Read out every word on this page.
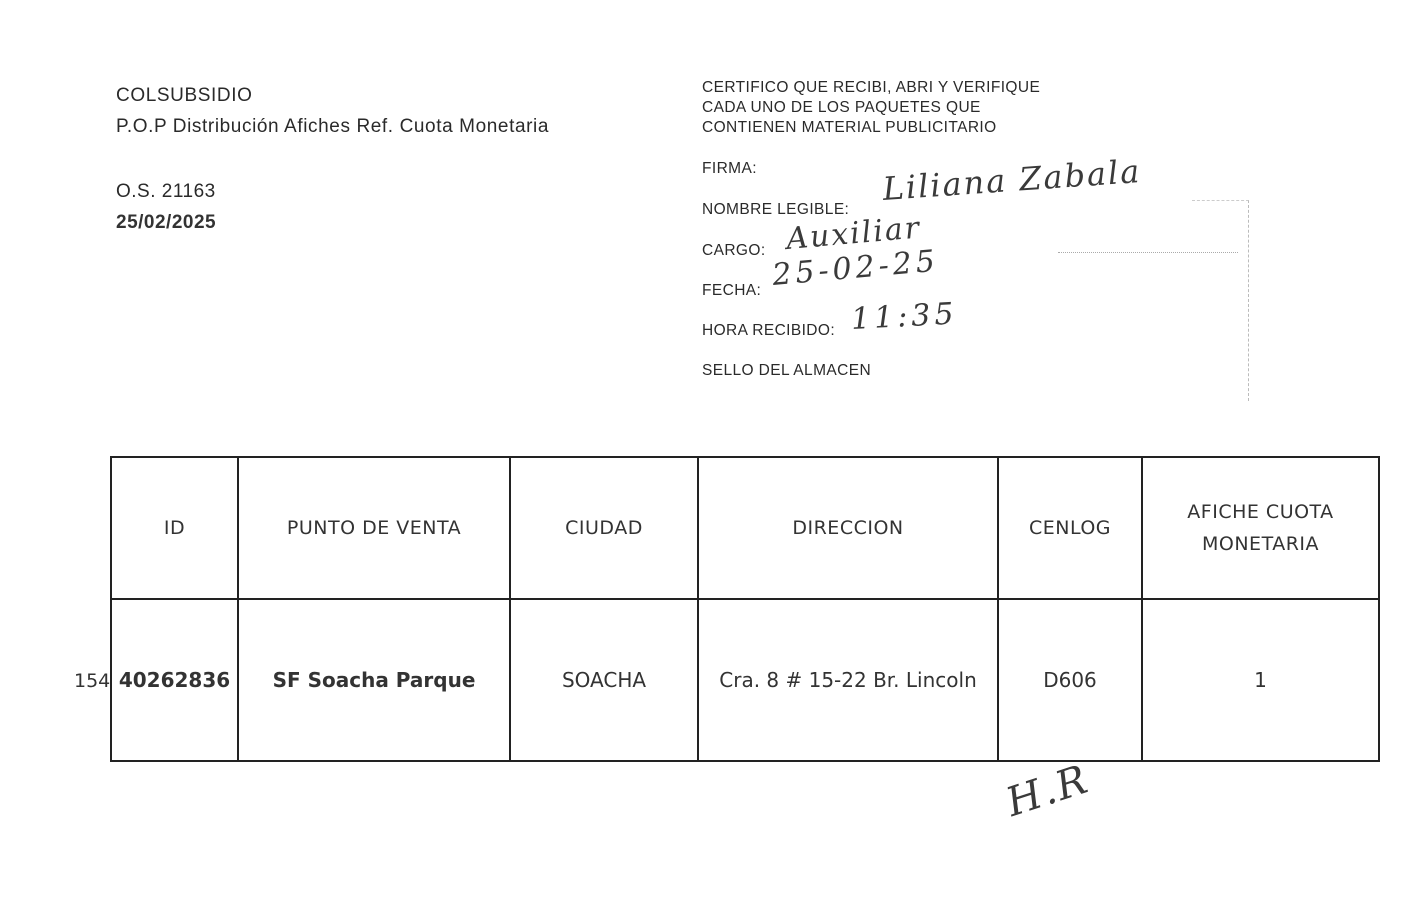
COLSUBSIDIO
P.O.P Distribución Afiches Ref. Cuota Monetaria
O.S. 21163
25/02/2025
CERTIFICO QUE RECIBI, ABRI Y VERIFIQUE
CADA UNO DE LOS PAQUETES QUE
CONTIENEN MATERIAL PUBLICITARIO
FIRMA:
NOMBRE LEGIBLE:
CARGO:
FECHA:
HORA RECIBIDO:
SELLO DEL ALMACEN
Liliana Zabala
Auxiliar
25-02-25
11:35
154
ID	PUNTO DE VENTA	CIUDAD	DIRECCION	CENLOG	AFICHE CUOTA
MONETARIA

40262836	SF Soacha Parque	SOACHA	Cra. 8 # 15-22 Br. Lincoln	D606	1
H.R
